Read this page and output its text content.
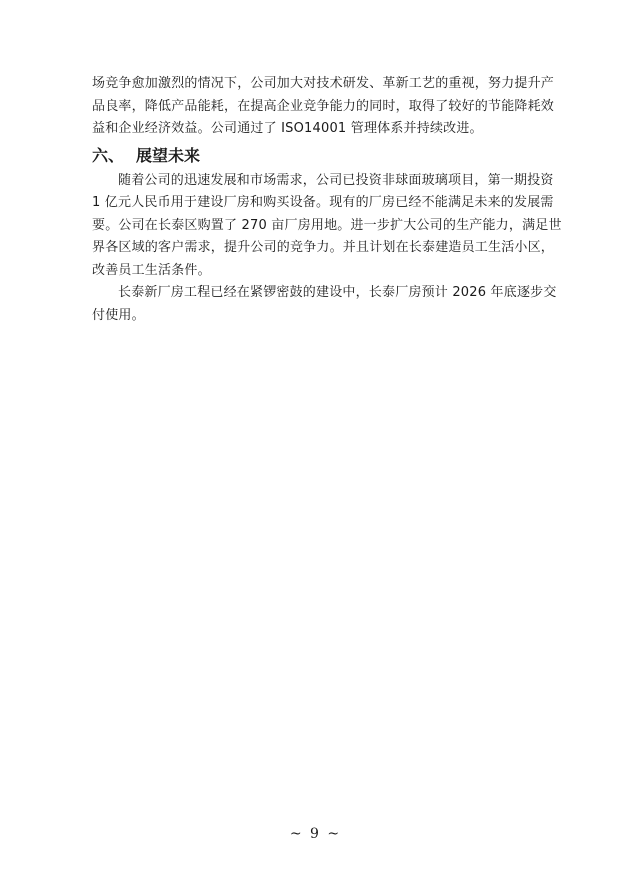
场竞争愈加激烈的情况下，公司加大对技术研发、革新工艺的重视，努力提升产
品良率，降低产品能耗，在提高企业竞争能力的同时，取得了较好的节能降耗效
益和企业经济效益。公司通过了 ISO14001 管理体系并持续改进。

六、 展望未来

随着公司的迅速发展和市场需求，公司已投资非球面玻璃项目，第一期投资
1 亿元人民币用于建设厂房和购买设备。现有的厂房已经不能满足未来的发展需
要。公司在长泰区购置了 270 亩厂房用地。进一步扩大公司的生产能力，满足世
界各区域的客户需求，提升公司的竞争力。并且计划在长泰建造员工生活小区，
改善员工生活条件。

长泰新厂房工程已经在紧锣密鼓的建设中，长泰厂房预计 2026 年底逐步交
付使用。

~ 9 ~
